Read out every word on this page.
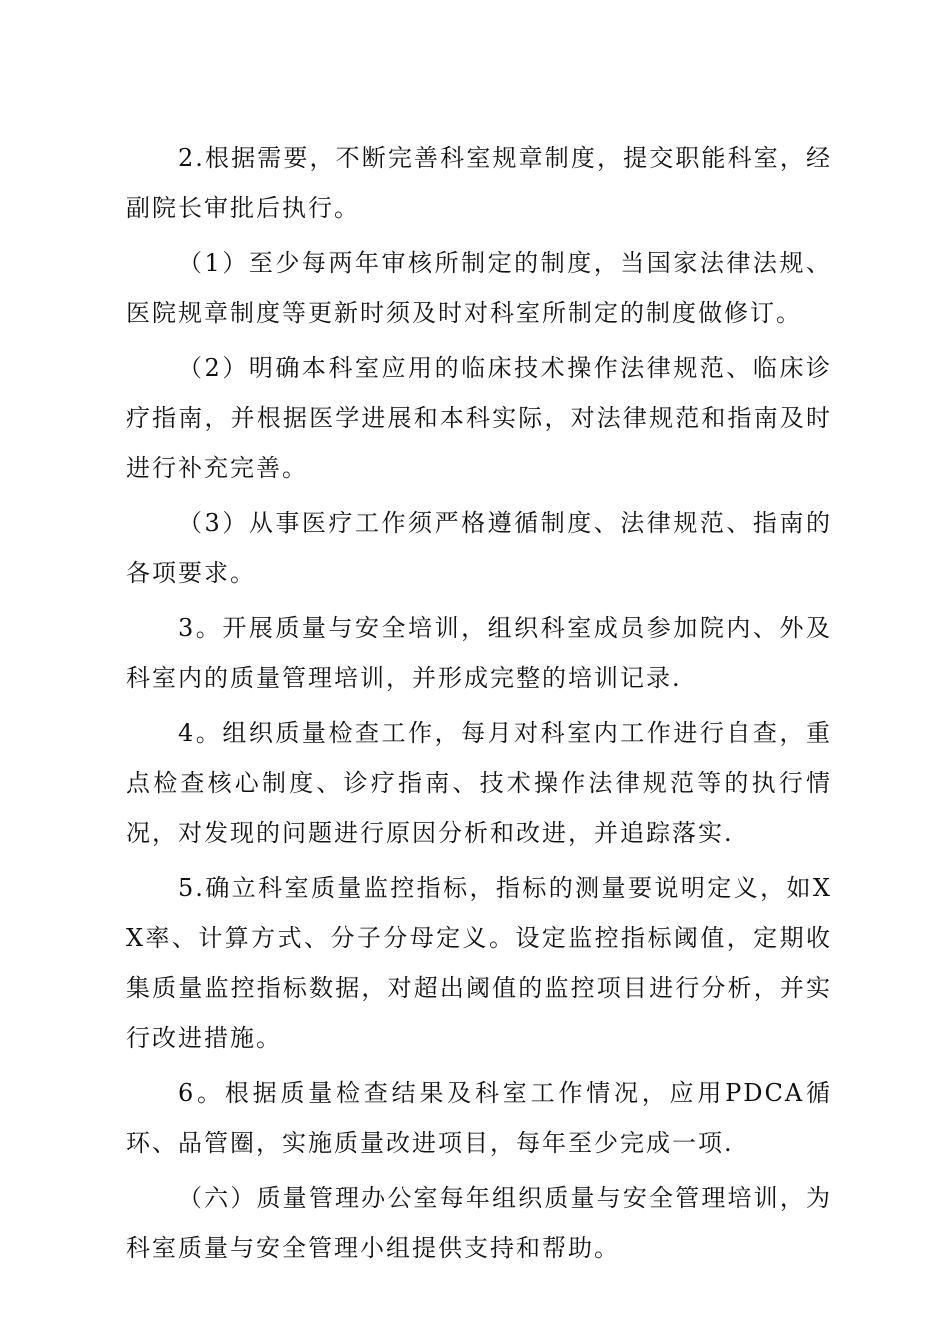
2.根据需要，不断完善科室规章制度，提交职能科室，经副院长审批后执行。

（1）至少每两年审核所制定的制度，当国家法律法规、医院规章制度等更新时须及时对科室所制定的制度做修订。

（2）明确本科室应用的临床技术操作法律规范、临床诊疗指南，并根据医学进展和本科实际，对法律规范和指南及时进行补充完善。

（3）从事医疗工作须严格遵循制度、法律规范、指南的各项要求。

3。开展质量与安全培训，组织科室成员参加院内、外及科室内的质量管理培训，并形成完整的培训记录.

4。组织质量检查工作，每月对科室内工作进行自查，重点检查核心制度、诊疗指南、技术操作法律规范等的执行情况，对发现的问题进行原因分析和改进，并追踪落实.

5.确立科室质量监控指标，指标的测量要说明定义，如XX率、计算方式、分子分母定义。设定监控指标阈值，定期收集质量监控指标数据，对超出阈值的监控项目进行分析，并实行改进措施。

6。根据质量检查结果及科室工作情况，应用PDCA循环、品管圈，实施质量改进项目，每年至少完成一项.

（六）质量管理办公室每年组织质量与安全管理培训，为科室质量与安全管理小组提供支持和帮助。
